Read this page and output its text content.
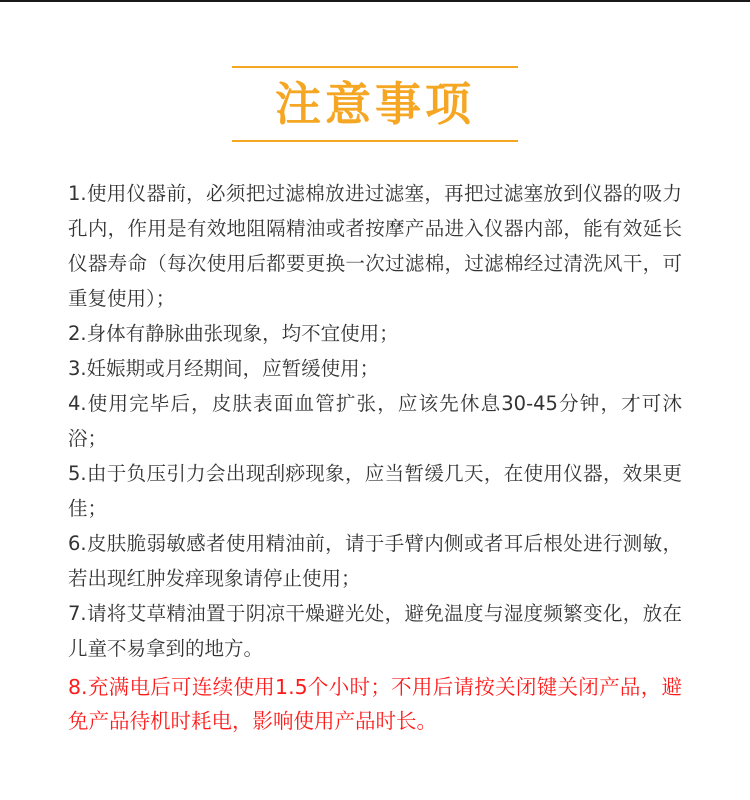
注意事项
1.使用仪器前，必须把过滤棉放进过滤塞，再把过滤塞放到仪器的吸力孔内，作用是有效地阻隔精油或者按摩产品进入仪器内部，能有效延长仪器寿命（每次使用后都要更换一次过滤棉，过滤棉经过清洗风干，可重复使用）；
2.身体有静脉曲张现象，均不宜使用；
3.妊娠期或月经期间，应暂缓使用；
4.使用完毕后，皮肤表面血管扩张，应该先休息30-45分钟，才可沐浴；
5.由于负压引力会出现刮痧现象，应当暂缓几天，在使用仪器，效果更佳；
6.皮肤脆弱敏感者使用精油前，请于手臂内侧或者耳后根处进行测敏，若出现红肿发痒现象请停止使用；
7.请将艾草精油置于阴凉干燥避光处，避免温度与湿度频繁变化，放在儿童不易拿到的地方。
8.充满电后可连续使用1.5个小时；不用后请按关闭键关闭产品，避免产品待机时耗电，影响使用产品时长。
